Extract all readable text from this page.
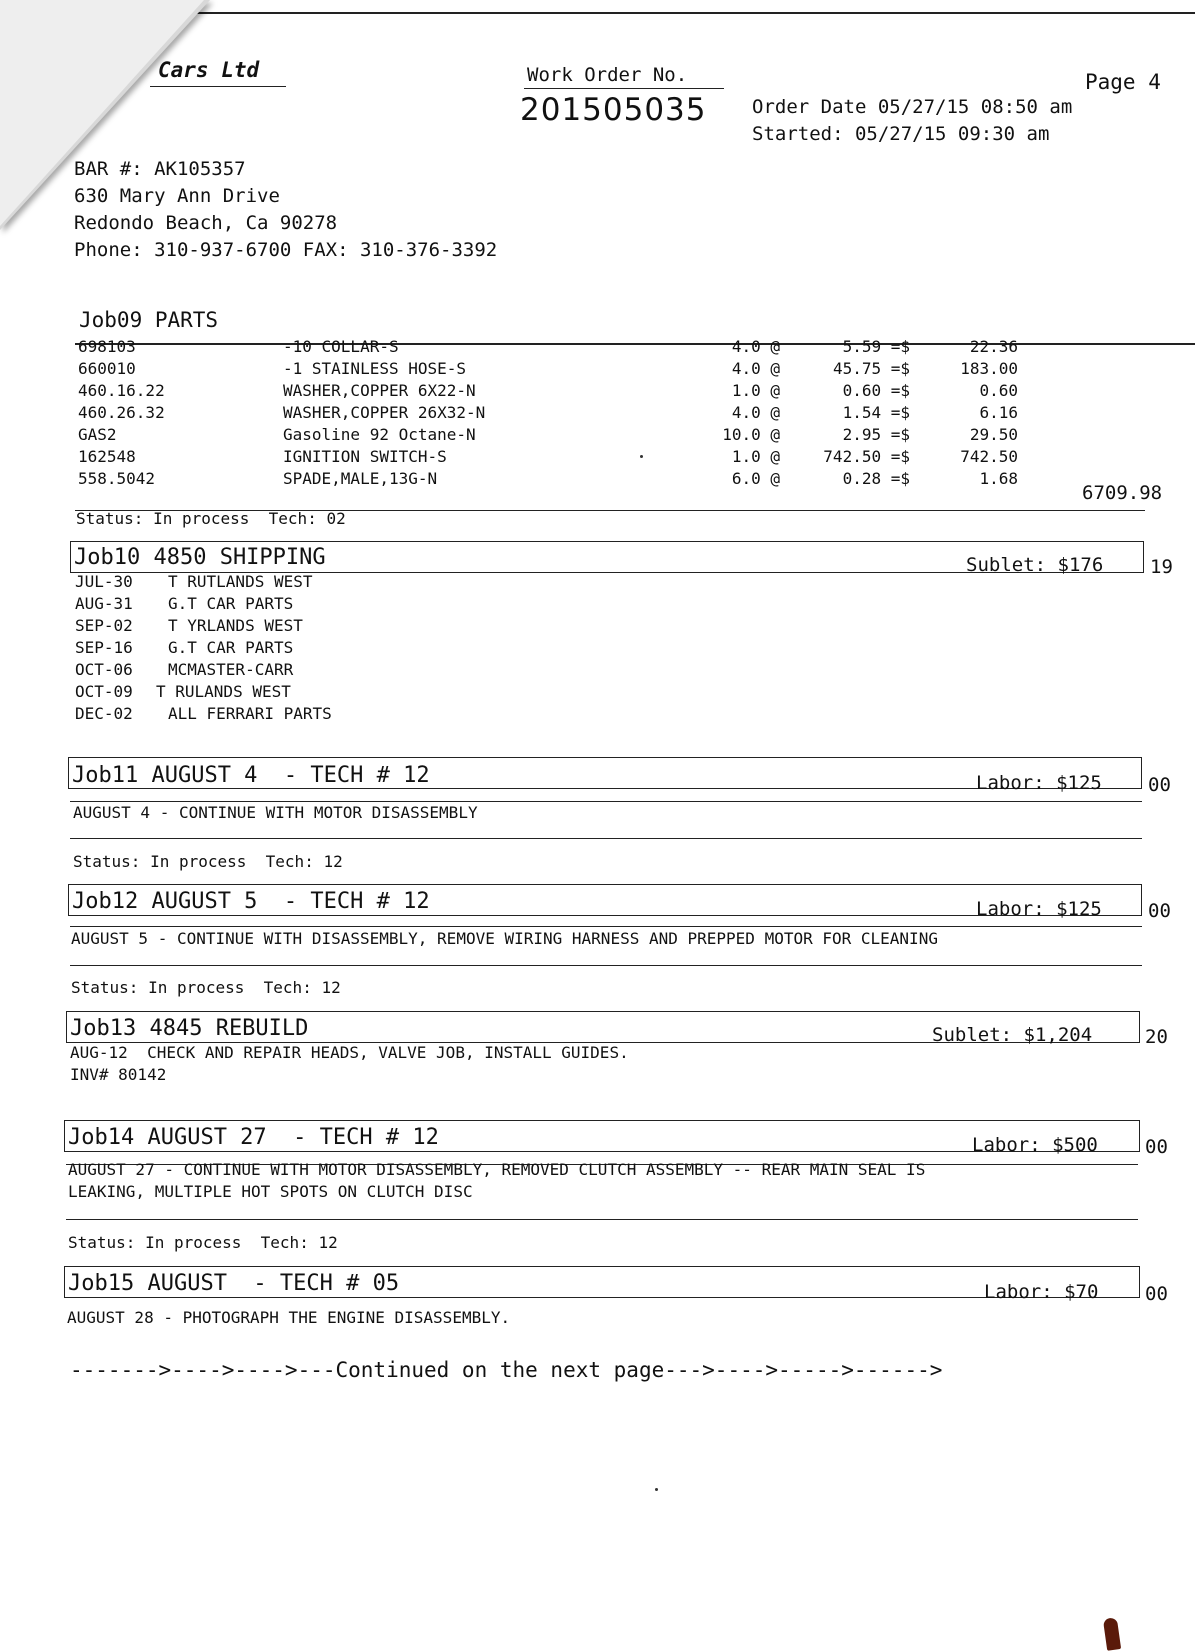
Cars Ltd	Work Order No.
201505035
Page 4
Order Date 05/27/15 08:50 am
Started: 05/27/15 09:30 am
BAR #: AK105357
630 Mary Ann Drive
Redondo Beach, Ca 90278
Phone: 310-937-6700 FAX: 310-376-3392
Job09 PARTS
698103	-10 COLLAR-S	4.0 @	5.59 =$	22.36
660010	-1 STAINLESS HOSE-S	4.0 @	45.75 =$	183.00
460.16.22	WASHER,COPPER 6X22-N	1.0 @	0.60 =$	0.60
460.26.32	WASHER,COPPER 26X32-N	4.0 @	1.54 =$	6.16
GAS2	Gasoline 92 Octane-N	10.0 @	2.95 =$	29.50
162548	IGNITION SWITCH-S	1.0 @	742.50 =$	742.50
558.5042	SPADE,MALE,13G-N	6.0 @	0.28 =$	1.68
6709.98
Status: In process  Tech: 02
Job10 4850 SHIPPING	Sublet: $176 19
JUL-30 T RUTLANDS WEST
AUG-31 G.T CAR PARTS
SEP-02 T YRLANDS WEST
SEP-16 G.T CAR PARTS
OCT-06 MCMASTER-CARR
OCT-09 T RULANDS WEST
DEC-02 ALL FERRARI PARTS
Job11 AUGUST 4  - TECH # 12	Labor: $125 00
AUGUST 4 - CONTINUE WITH MOTOR DISASSEMBLY
Status: In process  Tech: 12
Job12 AUGUST 5  - TECH # 12	Labor: $125 00
AUGUST 5 - CONTINUE WITH DISASSEMBLY, REMOVE WIRING HARNESS AND PREPPED MOTOR FOR CLEANING
Status: In process  Tech: 12
Job13 4845 REBUILD	Sublet: $1,204	20
AUG-12  CHECK AND REPAIR HEADS, VALVE JOB, INSTALL GUIDES.
INV# 80142
Job14 AUGUST 27  - TECH # 12	Labor: $500 00
AUGUST 27 - CONTINUE WITH MOTOR DISASSEMBLY, REMOVED CLUTCH ASSEMBLY -- REAR MAIN SEAL IS
LEAKING, MULTIPLE HOT SPOTS ON CLUTCH DISC
Status: In process  Tech: 12
Job15 AUGUST  - TECH # 05	Labor: $70 00
AUGUST 28 - PHOTOGRAPH THE ENGINE DISASSEMBLY.
------->---->---->---Continued on the next page--->---->----->------>
